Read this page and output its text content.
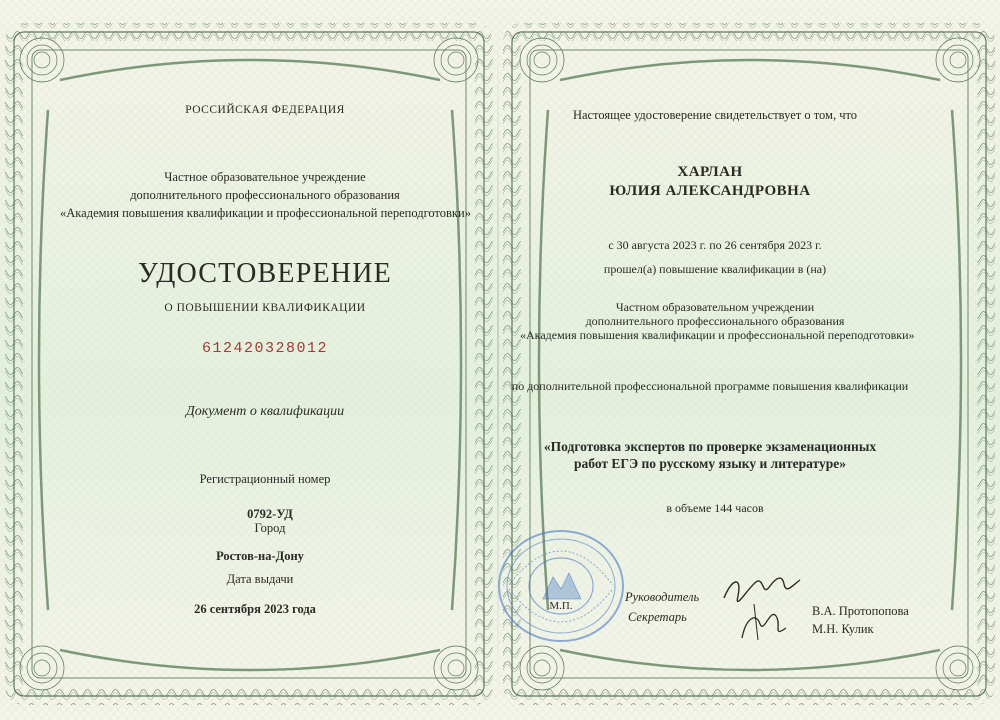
РОССИЙСКАЯ ФЕДЕРАЦИЯ
Частное образовательное учреждение
дополнительного профессионального образования
«Академия повышения квалификации и профессиональной переподготовки»
УДОСТОВЕРЕНИЕ
О ПОВЫШЕНИИ КВАЛИФИКАЦИИ
612420328012
Документ о квалификации
Регистрационный номер
0792-УД
Город
Ростов-на-Дону
Дата выдачи
26 сентября 2023 года
Настоящее удостоверение свидетельствует о том, что
ХАРЛАН
ЮЛИЯ АЛЕКСАНДРОВНА
с 30 августа 2023 г. по 26 сентября 2023 г.
прошел(а) повышение квалификации в (на)
Частном образовательном учреждении
дополнительного профессионального образования
«Академия повышения квалификации и профессиональной переподготовки»
по дополнительной профессиональной программе повышения квалификации
«Подготовка экспертов по проверке экзаменационных
работ ЕГЭ по русскому языку и литературе»
в объеме 144 часов
М.П.
Руководитель
Секретарь	В.А. Протопопова
М.Н. Кулик
